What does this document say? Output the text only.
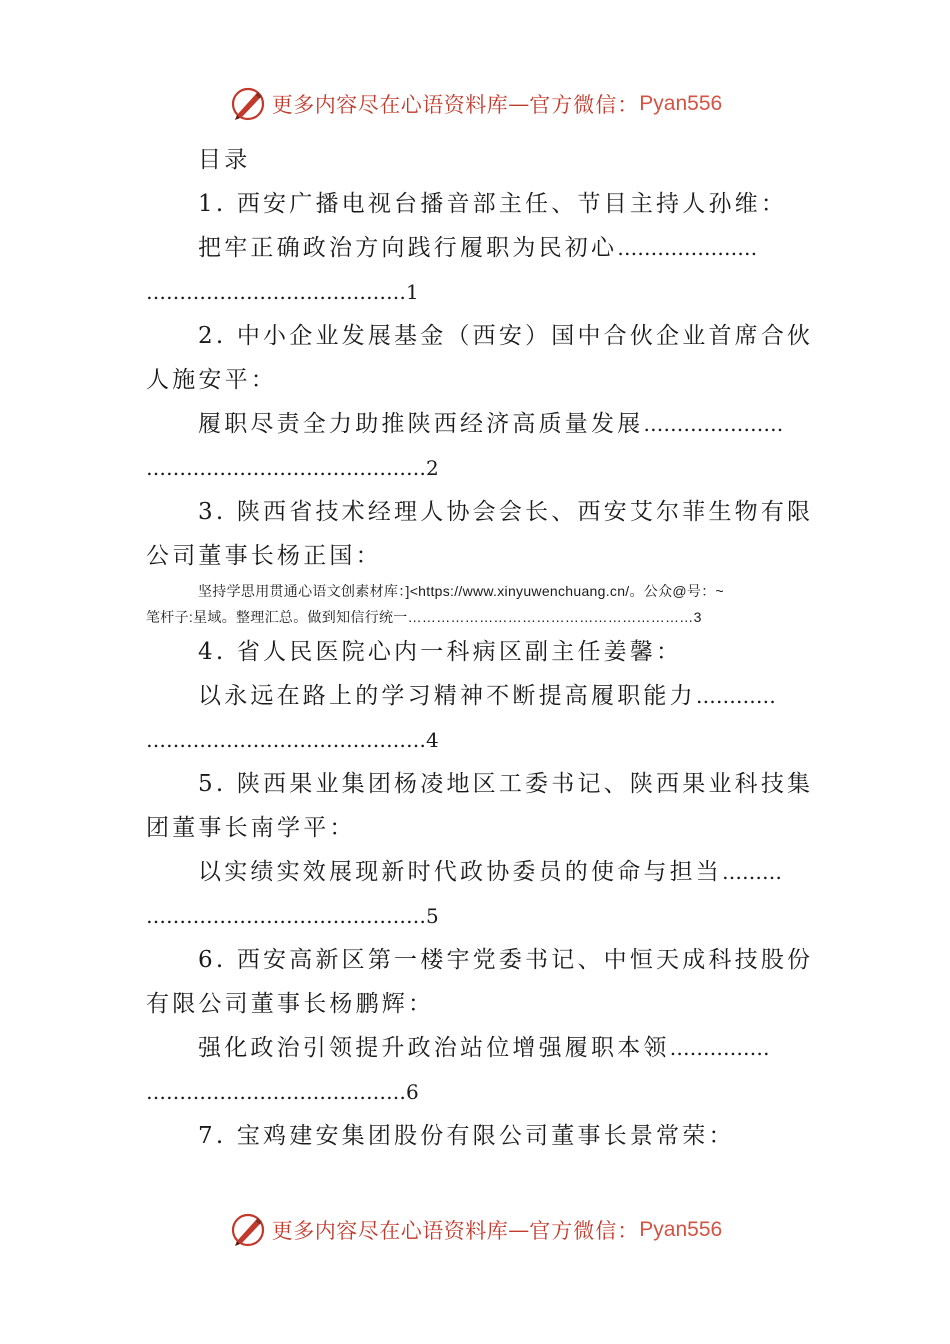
更多内容尽在心语资料库 — 官方微信： Pyan556
目录
1. 西安广播电视台播音部主任、节目主持人孙维：
把牢正确政治方向践行履职为民初心…………………
…………………………………1
2. 中小企业发展基金（西安）国中合伙企业首席合伙
人施安平：
履职尽责全力助推陕西经济高质量发展…………………
……………………………………2
3. 陕西省技术经理人协会会长、西安艾尔菲生物有限
公司董事长杨正国：
坚持学思用贯通心语文创素材库：]<https://www.xinyuwenchuang.cn/。公众@号：~
笔杆子:星域。整理汇总。做到知信行统一……………………………………………………3
4. 省人民医院心内一科病区副主任姜馨：
以永远在路上的学习精神不断提高履职能力…………
……………………………………4
5. 陕西果业集团杨凌地区工委书记、陕西果业科技集
团董事长南学平：
以实绩实效展现新时代政协委员的使命与担当………
……………………………………5
6. 西安高新区第一楼宇党委书记、中恒天成科技股份
有限公司董事长杨鹏辉：
强化政治引领提升政治站位增强履职本领……………
…………………………………6
7. 宝鸡建安集团股份有限公司董事长景常荣：
更多内容尽在心语资料库 — 官方微信： Pyan556
